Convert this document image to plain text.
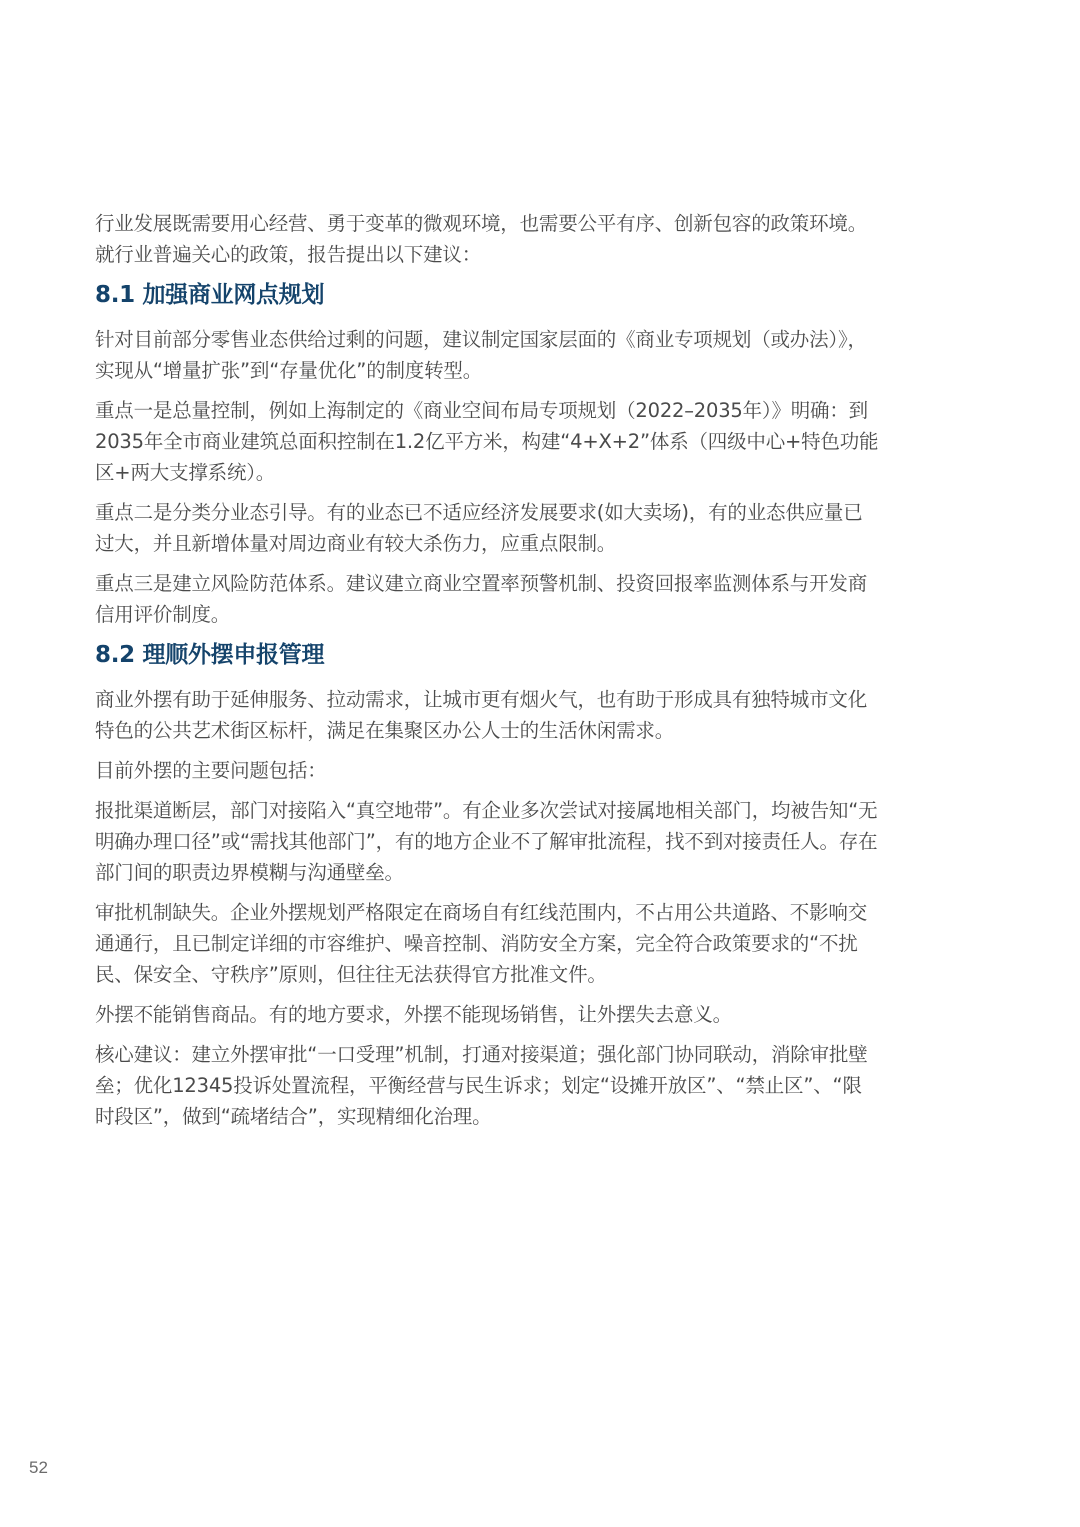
行业发展既需要用心经营、勇于变革的微观环境，也需要公平有序、创新包容的政策环境。就行业普遍关心的政策，报告提出以下建议：

8.1 加强商业网点规划

针对目前部分零售业态供给过剩的问题，建议制定国家层面的《商业专项规划（或办法）》，实现从“增量扩张”到“存量优化”的制度转型。

重点一是总量控制，例如上海制定的《商业空间布局专项规划（2022–2035年）》明确：到2035年全市商业建筑总面积控制在1.2亿平方米，构建“4+X+2”体系（四级中心+特色功能区+两大支撑系统）。

重点二是分类分业态引导。有的业态已不适应经济发展要求(如大卖场)，有的业态供应量已过大，并且新增体量对周边商业有较大杀伤力，应重点限制。

重点三是建立风险防范体系。建议建立商业空置率预警机制、投资回报率监测体系与开发商信用评价制度。

8.2 理顺外摆申报管理

商业外摆有助于延伸服务、拉动需求，让城市更有烟火气，也有助于形成具有独特城市文化特色的公共艺术街区标杆，满足在集聚区办公人士的生活休闲需求。

目前外摆的主要问题包括：

报批渠道断层，部门对接陷入“真空地带”。有企业多次尝试对接属地相关部门，均被告知“无明确办理口径”或“需找其他部门”，有的地方企业不了解审批流程，找不到对接责任人。存在部门间的职责边界模糊与沟通壁垒。

审批机制缺失。企业外摆规划严格限定在商场自有红线范围内，不占用公共道路、不影响交通通行，且已制定详细的市容维护、噪音控制、消防安全方案，完全符合政策要求的“不扰民、保安全、守秩序”原则，但往往无法获得官方批准文件。

外摆不能销售商品。有的地方要求，外摆不能现场销售，让外摆失去意义。

核心建议：建立外摆审批“一口受理”机制，打通对接渠道；强化部门协同联动，消除审批壁垒；优化12345投诉处置流程，平衡经营与民生诉求；划定“设摊开放区”、“禁止区”、“限时段区”，做到“疏堵结合”，实现精细化治理。

52
